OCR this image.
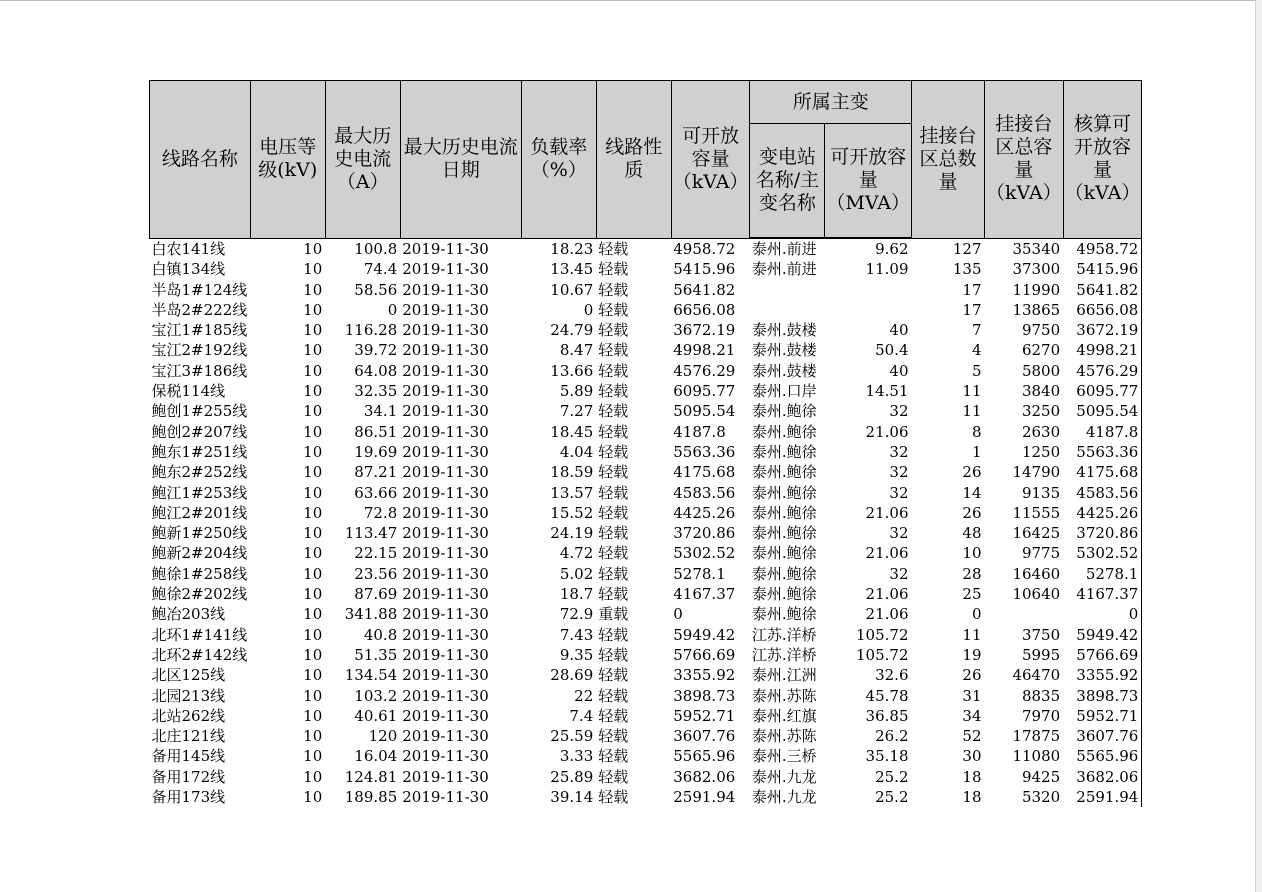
线路名称	电压等级(kV)	最大历史电流（A）	最大历史电流日期	负载率（%）	线路性质	可开放容量（kVA）	所属主变		挂接台区总数量	挂接台区总容量（kVA）	核算可开放容量（kVA）
							变电站名称/主变名称	可开放容量（MVA）			
白农141线	10	100.8	2019-11-30	18.23	轻载	4958.72	泰州.前进	9.62	127	35340	4958.72
白镇134线	10	74.4	2019-11-30	13.45	轻载	5415.96	泰州.前进	11.09	135	37300	5415.96
半岛1#124线	10	58.56	2019-11-30	10.67	轻载	5641.82			17	11990	5641.82
半岛2#222线	10	0	2019-11-30	0	轻载	6656.08			17	13865	6656.08
宝江1#185线	10	116.28	2019-11-30	24.79	轻载	3672.19	泰州.鼓楼	40	7	9750	3672.19
宝江2#192线	10	39.72	2019-11-30	8.47	轻载	4998.21	泰州.鼓楼	50.4	4	6270	4998.21
宝江3#186线	10	64.08	2019-11-30	13.66	轻载	4576.29	泰州.鼓楼	40	5	5800	4576.29
保税114线	10	32.35	2019-11-30	5.89	轻载	6095.77	泰州.口岸	14.51	11	3840	6095.77
鲍创1#255线	10	34.1	2019-11-30	7.27	轻载	5095.54	泰州.鲍徐	32	11	3250	5095.54
鲍创2#207线	10	86.51	2019-11-30	18.45	轻载	4187.8	泰州.鲍徐	21.06	8	2630	4187.8
鲍东1#251线	10	19.69	2019-11-30	4.04	轻载	5563.36	泰州.鲍徐	32	1	1250	5563.36
鲍东2#252线	10	87.21	2019-11-30	18.59	轻载	4175.68	泰州.鲍徐	32	26	14790	4175.68
鲍江1#253线	10	63.66	2019-11-30	13.57	轻载	4583.56	泰州.鲍徐	32	14	9135	4583.56
鲍江2#201线	10	72.8	2019-11-30	15.52	轻载	4425.26	泰州.鲍徐	21.06	26	11555	4425.26
鲍新1#250线	10	113.47	2019-11-30	24.19	轻载	3720.86	泰州.鲍徐	32	48	16425	3720.86
鲍新2#204线	10	22.15	2019-11-30	4.72	轻载	5302.52	泰州.鲍徐	21.06	10	9775	5302.52
鲍徐1#258线	10	23.56	2019-11-30	5.02	轻载	5278.1	泰州.鲍徐	32	28	16460	5278.1
鲍徐2#202线	10	87.69	2019-11-30	18.7	轻载	4167.37	泰州.鲍徐	21.06	25	10640	4167.37
鲍冶203线	10	341.88	2019-11-30	72.9	重载	0	泰州.鲍徐	21.06	0		0
北环1#141线	10	40.8	2019-11-30	7.43	轻载	5949.42	江苏.洋桥	105.72	11	3750	5949.42
北环2#142线	10	51.35	2019-11-30	9.35	轻载	5766.69	江苏.洋桥	105.72	19	5995	5766.69
北区125线	10	134.54	2019-11-30	28.69	轻载	3355.92	泰州.江洲	32.6	26	46470	3355.92
北园213线	10	103.2	2019-11-30	22	轻载	3898.73	泰州.苏陈	45.78	31	8835	3898.73
北站262线	10	40.61	2019-11-30	7.4	轻载	5952.71	泰州.红旗	36.85	34	7970	5952.71
北庄121线	10	120	2019-11-30	25.59	轻载	3607.76	泰州.苏陈	26.2	52	17875	3607.76
备用145线	10	16.04	2019-11-30	3.33	轻载	5565.96	泰州.三桥	35.18	30	11080	5565.96
备用172线	10	124.81	2019-11-30	25.89	轻载	3682.06	泰州.九龙	25.2	18	9425	3682.06
备用173线	10	189.85	2019-11-30	39.14	轻载	2591.94	泰州.九龙	25.2	18	5320	2591.94
